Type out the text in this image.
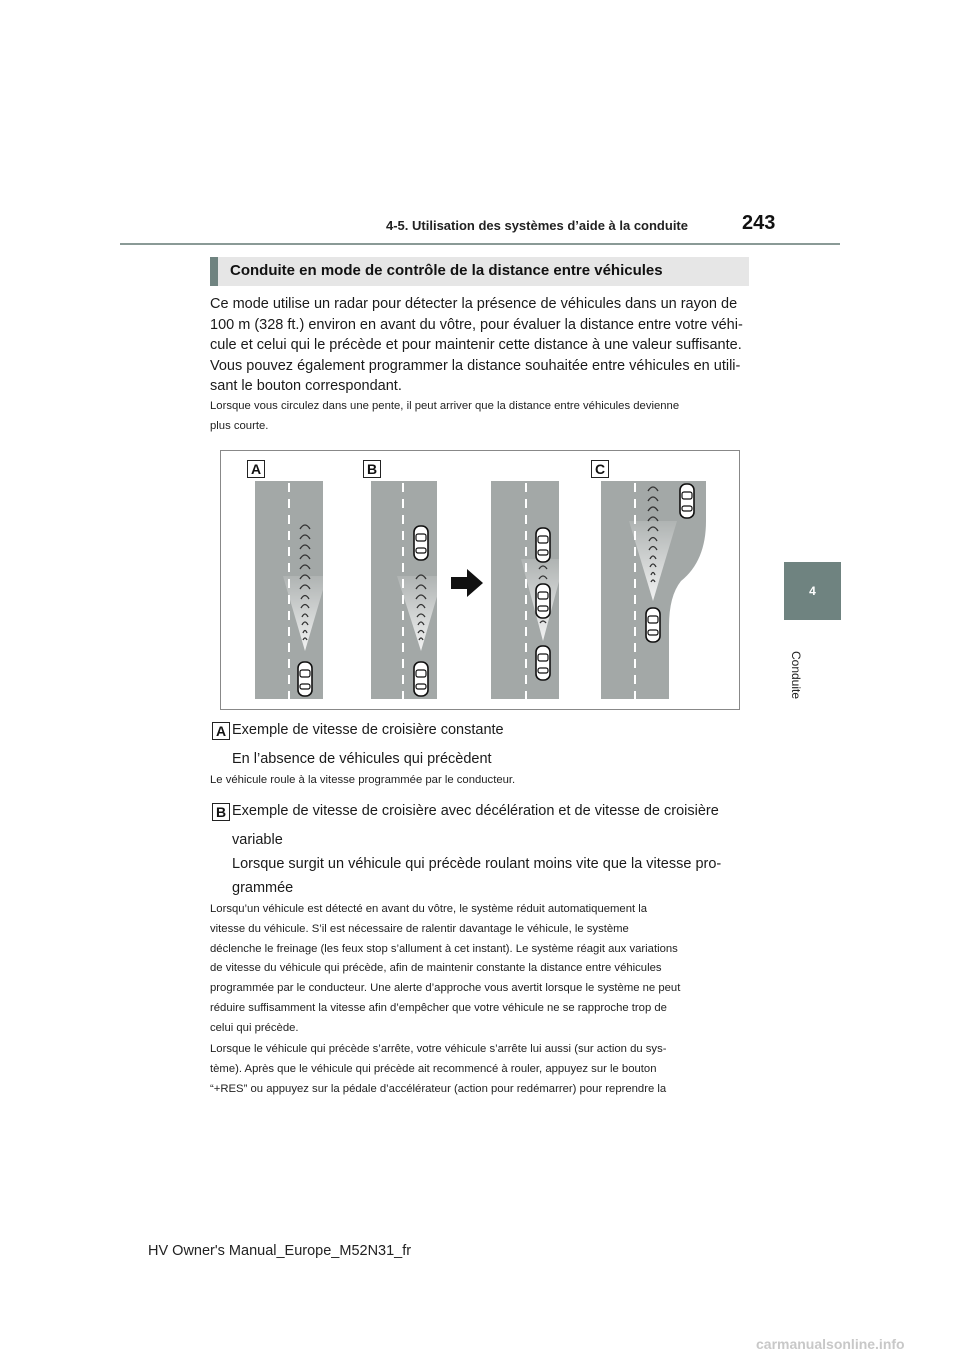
4-5. Utilisation des systèmes d’aide à la conduite	243
4
Conduite
Conduite en mode de contrôle de la distance entre véhicules
Ce mode utilise un radar pour détecter la présence de véhicules dans un rayon de
100 m (328 ft.) environ en avant du vôtre, pour évaluer la distance entre votre véhi-
cule et celui qui le précède et pour maintenir cette distance à une valeur suffisante.
Vous pouvez également programmer la distance souhaitée entre véhicules en utili-
sant le bouton correspondant.
Lorsque vous circulez dans une pente, il peut arriver que la distance entre véhicules devienne
plus courte.
A	B	C
A Exemple de vitesse de croisière constante
En l’absence de véhicules qui précèdent
Le véhicule roule à la vitesse programmée par le conducteur.
B Exemple de vitesse de croisière avec décélération et de vitesse de croisière
variable
Lorsque surgit un véhicule qui précède roulant moins vite que la vitesse pro-
grammée
Lorsqu’un véhicule est détecté en avant du vôtre, le système réduit automatiquement la
vitesse du véhicule. S’il est nécessaire de ralentir davantage le véhicule, le système
déclenche le freinage (les feux stop s’allument à cet instant). Le système réagit aux variations
de vitesse du véhicule qui précède, afin de maintenir constante la distance entre véhicules
programmée par le conducteur. Une alerte d’approche vous avertit lorsque le système ne peut
réduire suffisamment la vitesse afin d’empêcher que votre véhicule ne se rapproche trop de
celui qui précède.
Lorsque le véhicule qui précède s’arrête, votre véhicule s’arrête lui aussi (sur action du sys-
tème). Après que le véhicule qui précède ait recommencé à rouler, appuyez sur le bouton
“+RES” ou appuyez sur la pédale d’accélérateur (action pour redémarrer) pour reprendre la
HV Owner's Manual_Europe_M52N31_fr
carmanualsonline.info
